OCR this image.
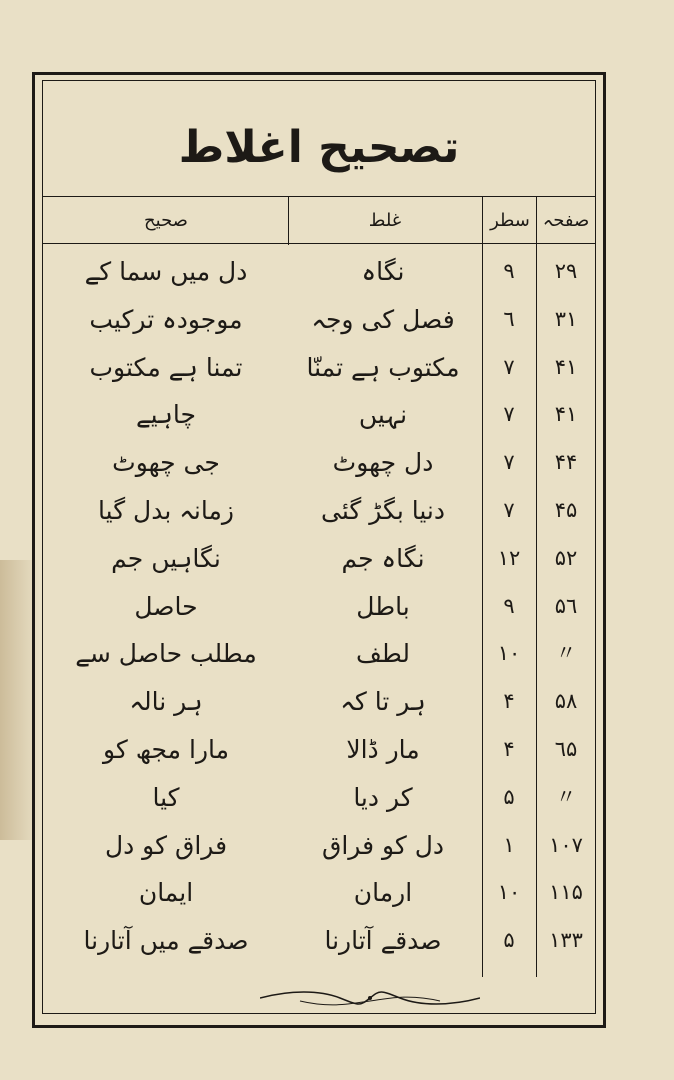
تصحیح اغلاط
صفحہ
سطر
غلط
صحیح
۲۹
۹
نگاہ
دل میں سما کے
۳۱
٦
فصل کی وجہ
موجودہ ترکیب
۴۱
۷
مکتوب ہے تمنّا
تمنا ہے مکتوب
۴۱
۷
نہیں
چاہیے
۴۴
۷
دل چھوٹ
جی چھوٹ
۴۵
۷
دنیا بگڑ گئی
زمانہ بدل گیا
۵۲
۱۲
نگاہ جم
نگاہیں جم
۵٦
۹
باطل
حاصل
〃
۱۰
لطف
مطلب حاصل سے
۵۸
۴
ہر تا کہ
ہر نالہ
٦۵
۴
مار ڈالا
مارا مجھ کو
〃
۵
کر دیا
کیا
۱۰۷
۱
دل کو فراق
فراق کو دل
۱۱۵
۱۰
ارمان
ایمان
۱۳۳
۵
صدقے آتارنا
صدقے میں آتارنا
